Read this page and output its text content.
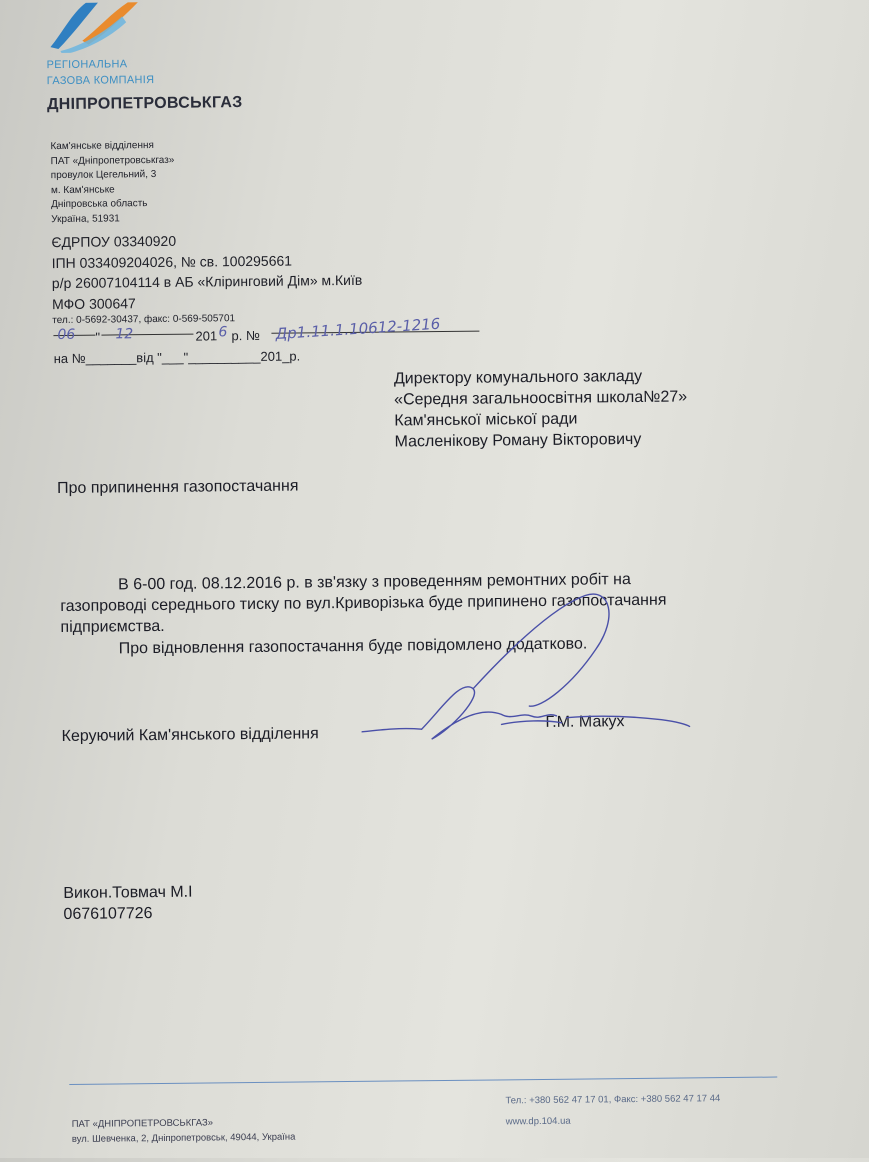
РЕГІОНАЛЬНА
ГАЗОВА КОМПАНІЯ
ДНІПРОПЕТРОВСЬКГАЗ
Кам'янське відділення
ПАТ «Дніпропетровськгаз»
провулок Цегельний, 3
м. Кам'янське
Дніпровська область
Україна, 51931
ЄДРПОУ 03340920
ІПН 033409204026, № св. 100295661
р/р 26007104114 в АБ «Кліринговий Дім» м.Київ
МФО 300647
тел.: 0-5692-30437, факс: 0-569-505701
06 " 12	201 6 р. № Др1.11.1.10612-1216
на №_______від "___"__________201_р.
Директору комунального закладу
«Середня загальноосвітня школа№27»
Кам'янської міської ради
Масленікову Роману Вікторовичу
Про припинення газопостачання
В 6-00 год. 08.12.2016 р. в зв'язку з проведенням ремонтних робіт на
газопроводі середнього тиску по вул.Криворізька буде припинено газопостачання
підприємства.
Про відновлення газопостачання буде повідомлено додатково.
Керуючий Кам'янського відділення
Г.М. Макух
Викон.Товмач М.І
0676107726
ПАТ «ДНІПРОПЕТРОВСЬКГАЗ»
вул. Шевченка, 2, Дніпропетровськ, 49044, Україна
Тел.: +380 562 47 17 01, Факс: +380 562 47 17 44
www.dp.104.ua
